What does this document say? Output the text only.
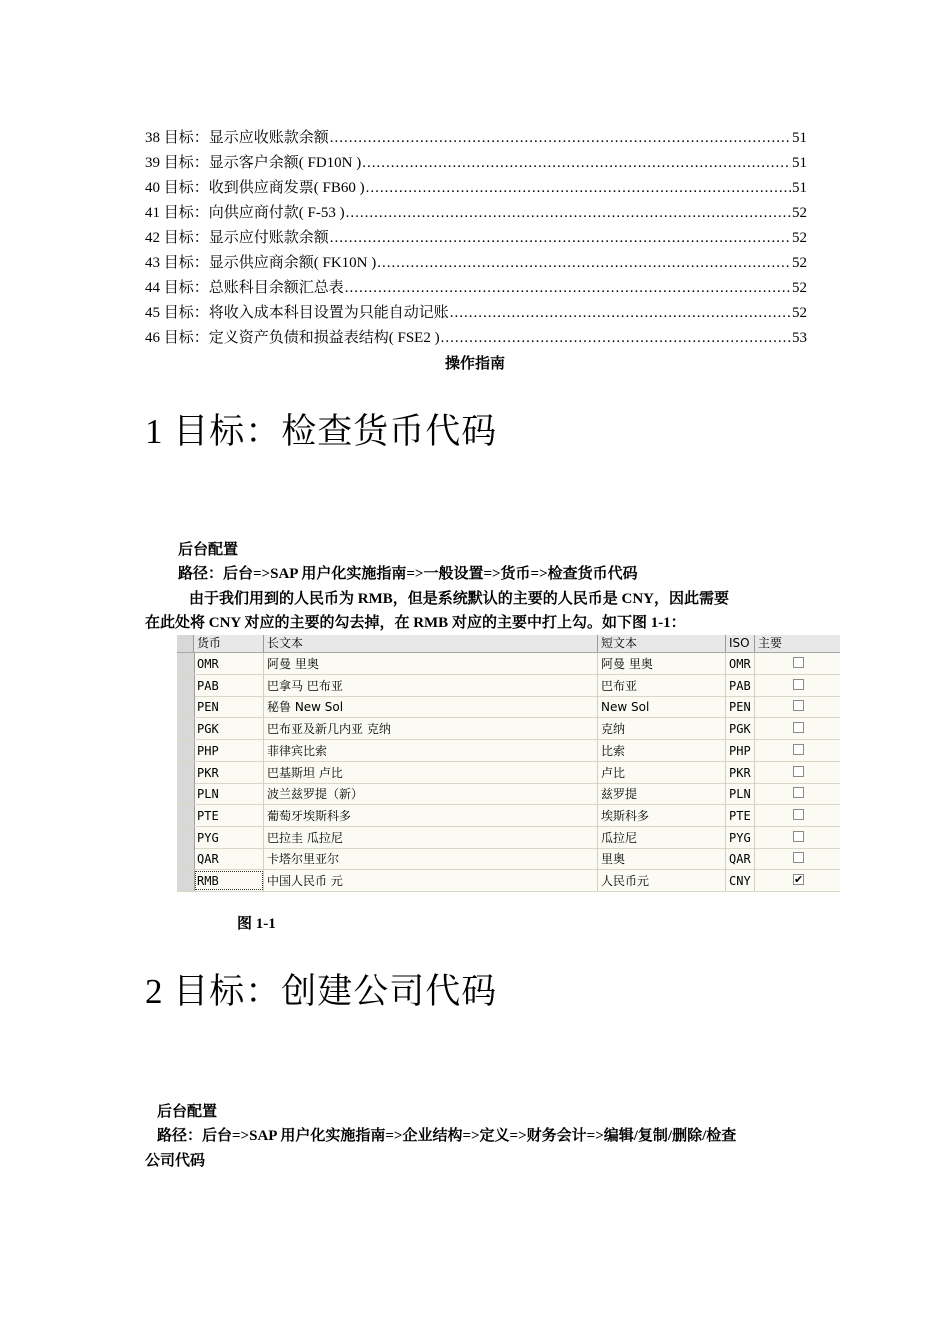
38 目标：显示应收账款余额 .....	51
39 目标：显示客户余额( FD10N ) .....	51
40 目标：收到供应商发票( FB60 ) .....	51
41 目标：向供应商付款( F-53 ) .....	52
42 目标：显示应付账款余额 .....	52
43 目标：显示供应商余额( FK10N ) .....	52
44 目标：总账科目余额汇总表 .....	52
45 目标：将收入成本科目设置为只能自动记账 .....	52
46 目标：定义资产负债和损益表结构( FSE2 ) .....	53
操作指南
1 目标：检查货币代码
后台配置
路径：后台=>SAP 用户化实施指南=>一般设置=>货币=>检查货币代码
由于我们用到的人民币为 RMB，但是系统默认的主要的人民币是 CNY，因此需要
在此处将 CNY 对应的主要的勾去掉，在 RMB 对应的主要中打上勾。如下图 1-1：
货币	长文本	短文本	ISO 主要
OMR	阿曼 里奥	阿曼 里奥	OMR
PAB	巴拿马 巴布亚	巴布亚	PAB
PEN	秘鲁 New Sol	New Sol	PEN
PGK	巴布亚及新几内亚 克纳	克纳	PGK
PHP	菲律宾比索	比索	PHP
PKR	巴基斯坦 卢比	卢比	PKR
PLN	波兰兹罗提（新）	兹罗提	PLN
PTE	葡萄牙埃斯科多	埃斯科多	PTE
PYG	巴拉圭 瓜拉尼	瓜拉尼	PYG
QAR	卡塔尔里亚尔	里奥	QAR
RMB	中国人民币 元	人民币元	CNY	✔
图 1-1
2 目标：创建公司代码
后台配置
路径：后台=>SAP 用户化实施指南=>企业结构=>定义=>财务会计=>编辑/复制/删除/检查
公司代码
